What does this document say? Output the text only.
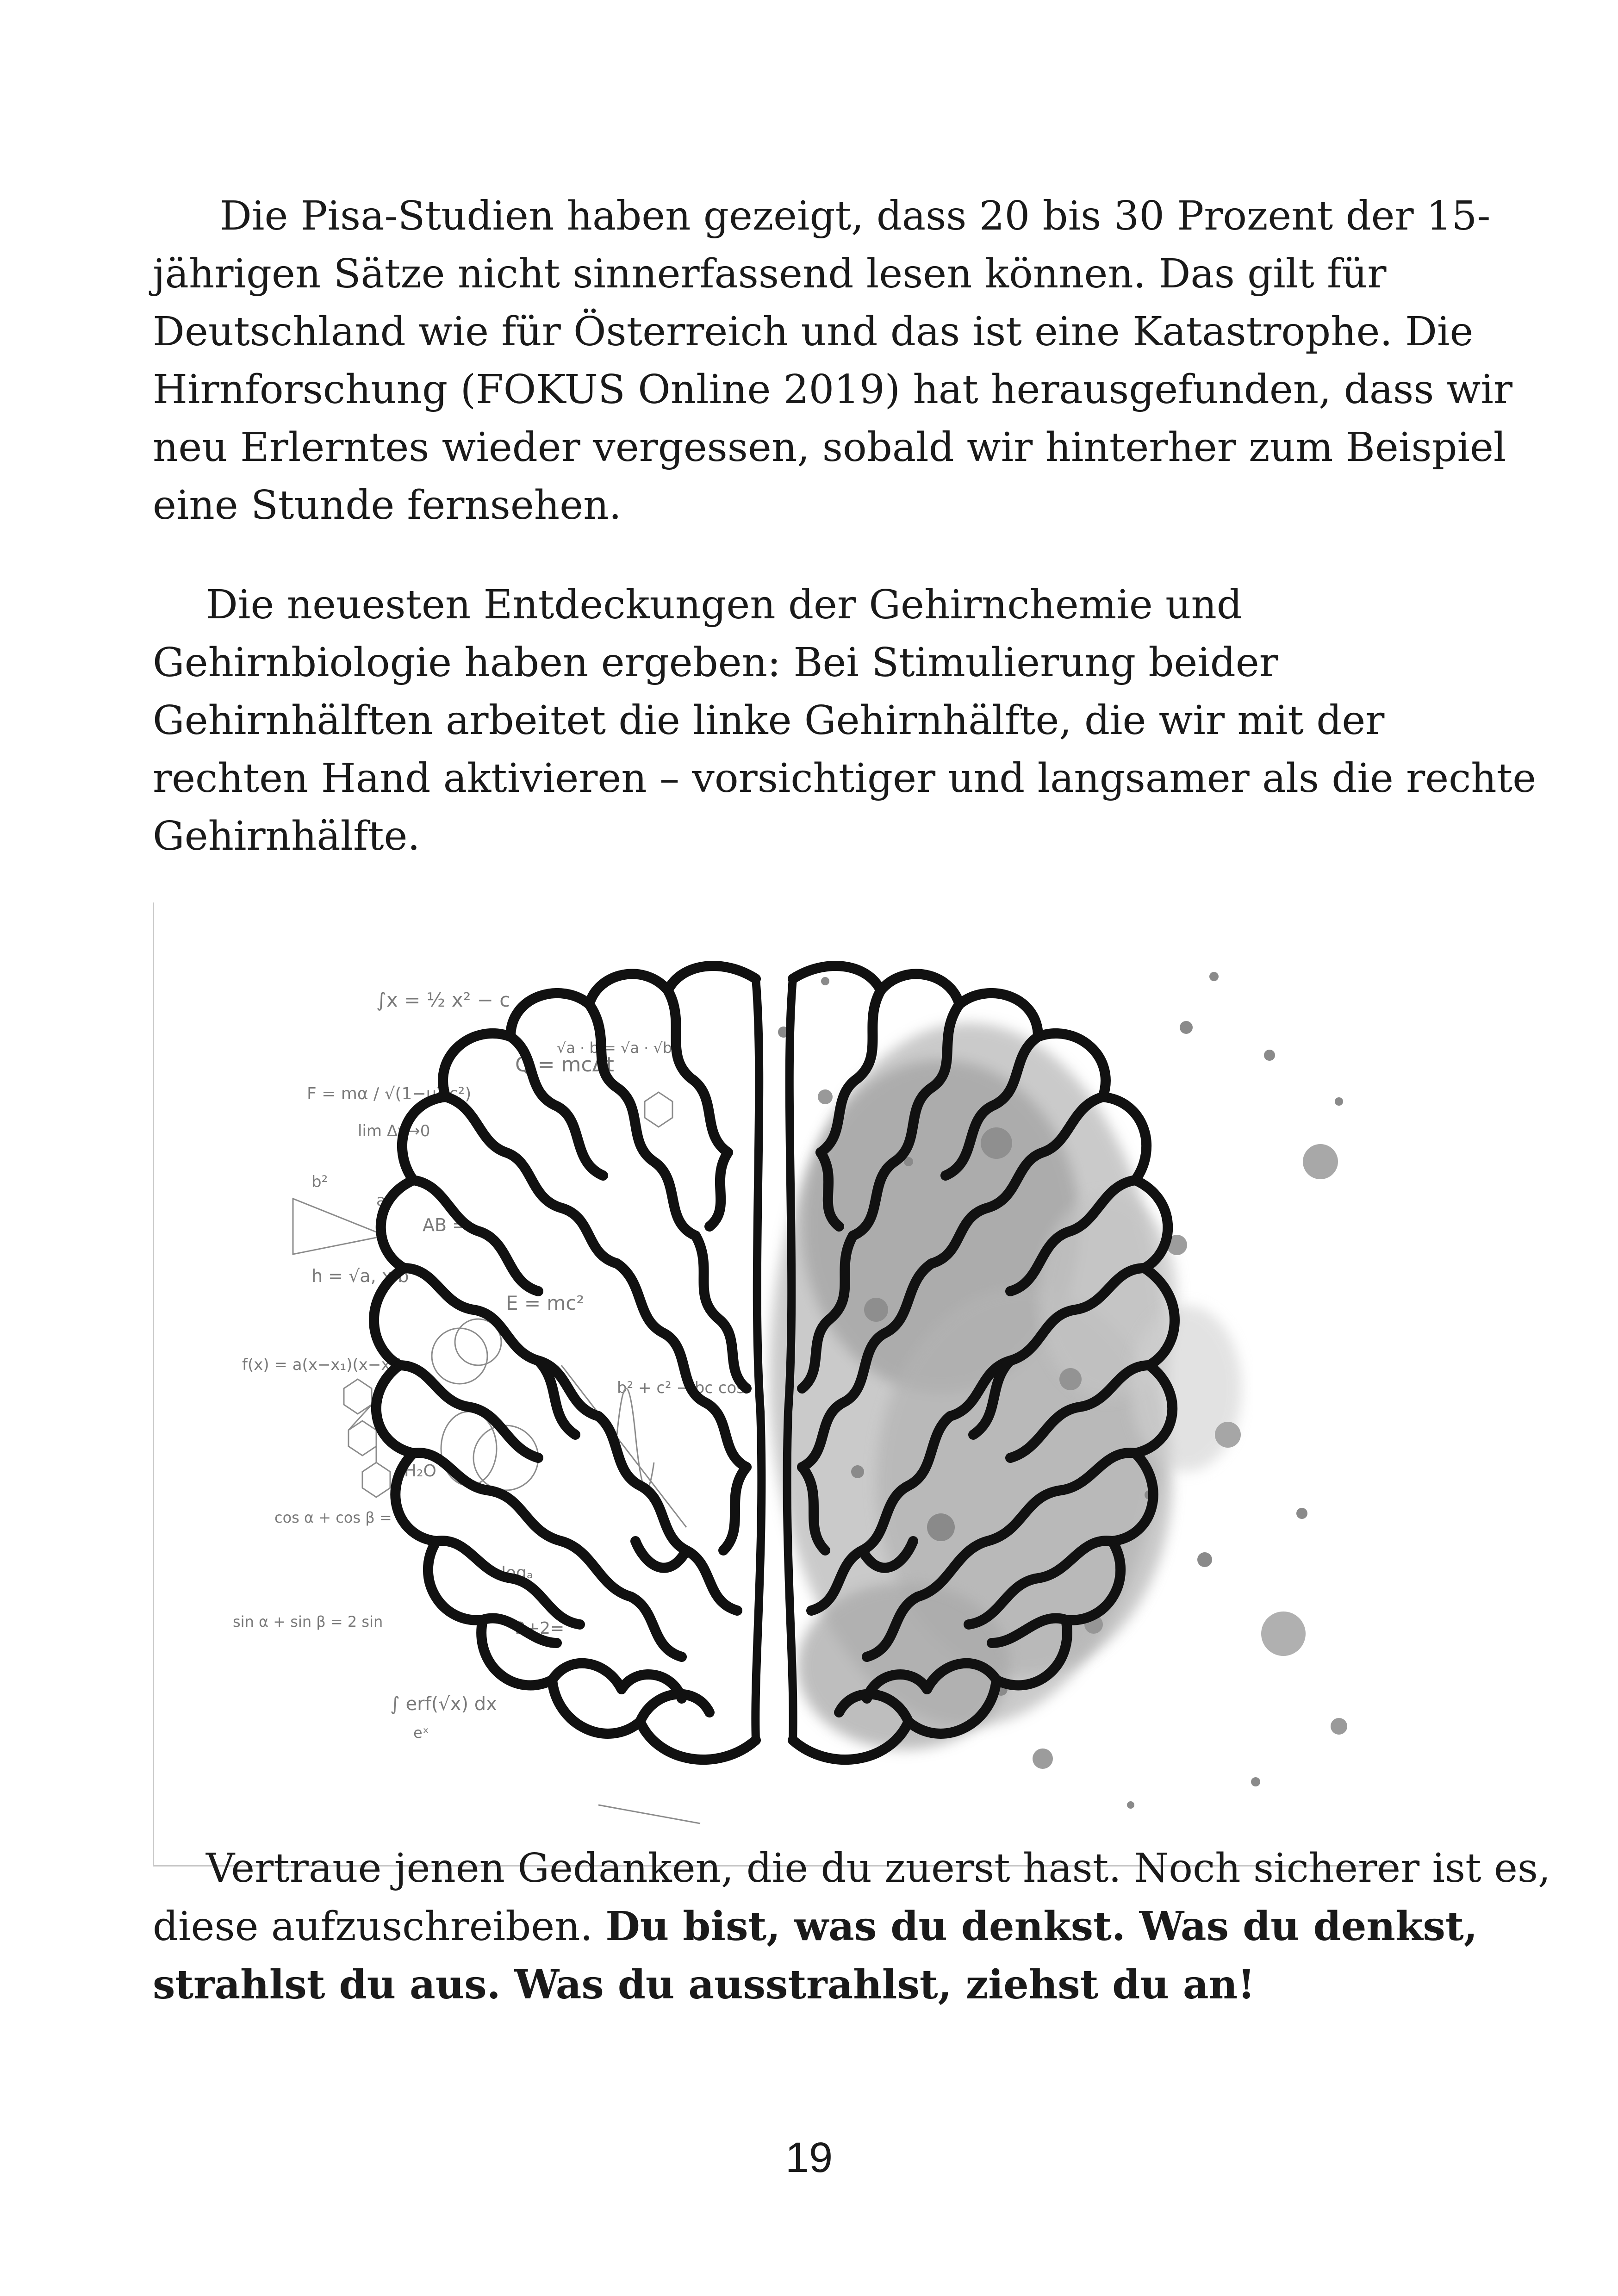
Die Pisa-Studien haben gezeigt, dass 20 bis 30 Prozent der 15-
jährigen Sätze nicht sinnerfassend lesen können. Das gilt für
Deutschland wie für Österreich und das ist eine Katastrophe. Die
Hirnforschung (FOKUS Online 2019) hat herausgefunden, dass wir
neu Erlerntes wieder vergessen, sobald wir hinterher zum Beispiel
eine Stunde fernsehen.
Die neuesten Entdeckungen der Gehirnchemie und
Gehirnbiologie haben ergeben: Bei Stimulierung beider
Gehirnhälften arbeitet die linke Gehirnhälfte, die wir mit der
rechten Hand aktivieren – vorsichtiger und langsamer als die rechte
Gehirnhälfte.
∫x = ½ x² − c
F = mα / √(1−u²/c²)
lim Δy→0
b²
a₂
AB =
h = √a, x b
f(x) = a(x−x₁)(x−x₂)
cos α + cos β = 2
sin α + sin β = 2 sin
∫ erf(√x) dx
eˣ
E = mc²
Q = mcΔt
logₐ
2+2=
√a · b = √a · √b
H₂O
b² + c² − bc cos
Vertraue jenen Gedanken, die du zuerst hast. Noch sicherer ist es,
diese aufzuschreiben. Du bist, was du denkst. Was du denkst,
strahlst du aus. Was du ausstrahlst, ziehst du an!
19
